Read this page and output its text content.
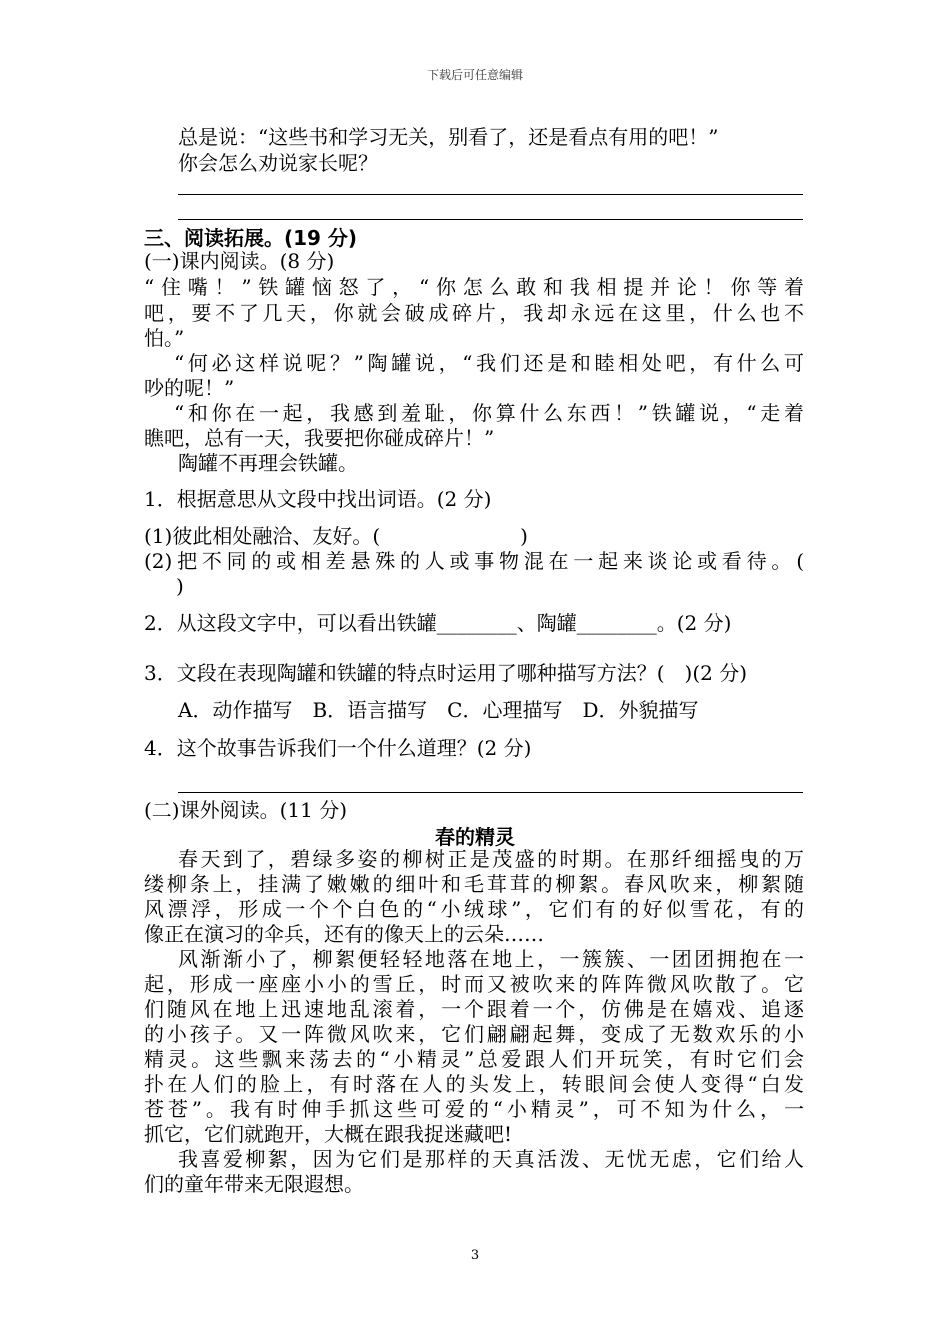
下载后可任意编辑
总是说：“这些书和学习无关，别看了，还是看点有用的吧！”
你会怎么劝说家长呢？
三、阅读拓展。(19 分)
(一)课内阅读。(8 分)
“住嘴！”铁罐恼怒了，“你怎么敢和我相提并论！你等着
吧，要不了几天，你就会破成碎片，我却永远在这里，什么也不
怕。”
“何必这样说呢？”陶罐说，“我们还是和睦相处吧，有什么可
吵的呢！”
“和你在一起，我感到羞耻，你算什么东西！”铁罐说，“走着
瞧吧，总有一天，我要把你碰成碎片！”
陶罐不再理会铁罐。
1．根据意思从文段中找出词语。(2 分)
(1)彼此相处融洽、友好。(　　　　　　　)
(2)把不同的或相差悬殊的人或事物混在一起来谈论或看待。(
)
2．从这段文字中，可以看出铁罐________、陶罐________。(2 分)
3．文段在表现陶罐和铁罐的特点时运用了哪种描写方法？(　)(2 分)
A．动作描写　B．语言描写　C．心理描写　D．外貌描写
4．这个故事告诉我们一个什么道理？(2 分)
(二)课外阅读。(11 分)
春的精灵
春天到了，碧绿多姿的柳树正是茂盛的时期。在那纤细摇曳的万
缕柳条上，挂满了嫩嫩的细叶和毛茸茸的柳絮。春风吹来，柳絮随
风漂浮，形成一个个白色的“小绒球”，它们有的好似雪花，有的
像正在演习的伞兵，还有的像天上的云朵……
风渐渐小了，柳絮便轻轻地落在地上，一簇簇、一团团拥抱在一
起，形成一座座小小的雪丘，时而又被吹来的阵阵微风吹散了。它
们随风在地上迅速地乱滚着，一个跟着一个，仿佛是在嬉戏、追逐
的小孩子。又一阵微风吹来，它们翩翩起舞，变成了无数欢乐的小
精灵。这些飘来荡去的“小精灵”总爱跟人们开玩笑，有时它们会
扑在人们的脸上，有时落在人的头发上，转眼间会使人变得“白发
苍苍”。我有时伸手抓这些可爱的“小精灵”，可不知为什么，一
抓它，它们就跑开，大概在跟我捉迷藏吧!
我喜爱柳絮，因为它们是那样的天真活泼、无忧无虑，它们给人
们的童年带来无限遐想。
3
